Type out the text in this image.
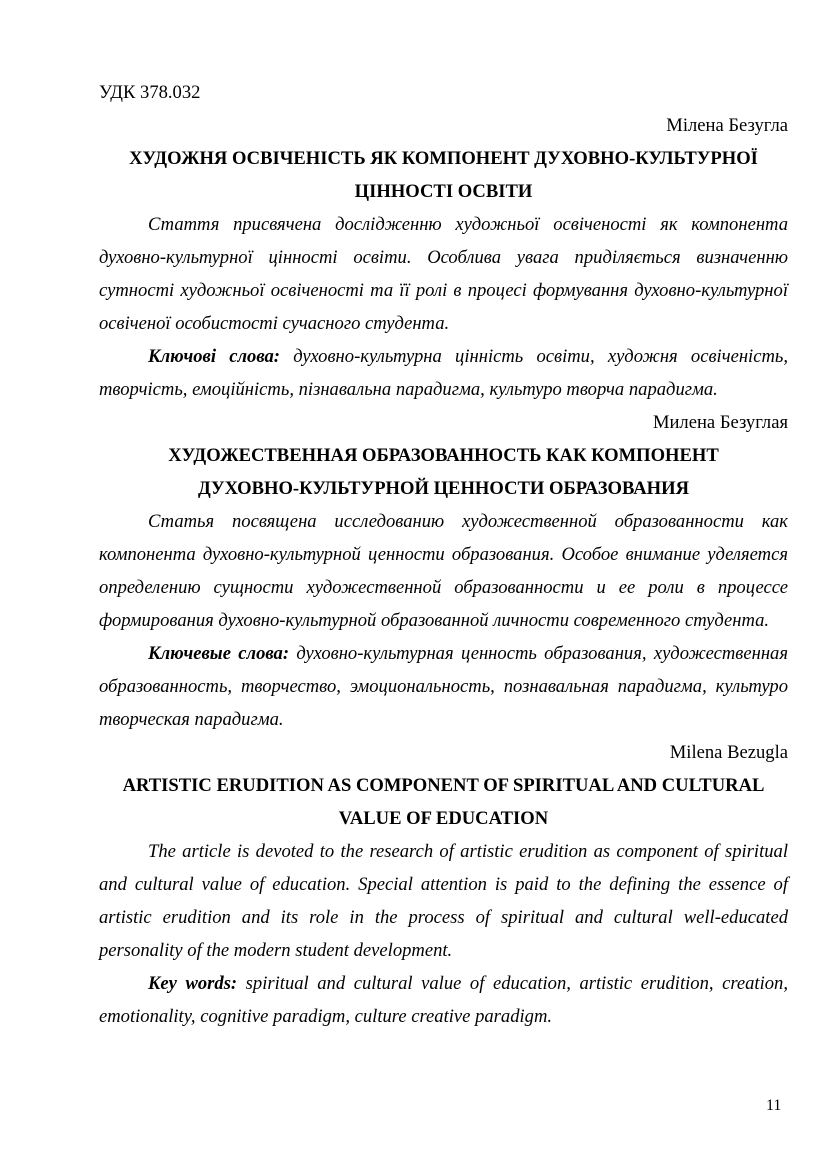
УДК 378.032
Мілена Безугла
ХУДОЖНЯ ОСВІЧЕНІСТЬ ЯК КОМПОНЕНТ ДУХОВНО-КУЛЬТУРНОЇ
ЦІННОСТІ ОСВІТИ

Стаття присвячена дослідженню художньої освіченості як компонента духовно-культурної цінності освіти. Особлива увага приділяється визначенню сутності художньої освіченості та її ролі в процесі формування духовно-культурної освіченої особистості сучасного студента.

Ключові слова: духовно-культурна цінність освіти, художня освіченість, творчість, емоційність, пізнавальна парадигма, культуро творча парадигма.

Милена Безуглая
ХУДОЖЕСТВЕННАЯ ОБРАЗОВАННОСТЬ КАК КОМПОНЕНТ
ДУХОВНО-КУЛЬТУРНОЙ ЦЕННОСТИ ОБРАЗОВАНИЯ

Статья посвящена исследованию художественной образованности как компонента духовно-культурной ценности образования. Особое внимание уделяется определению сущности художественной образованности и ее роли в процессе формирования духовно-культурной образованной личности современного студента.

Ключевые слова: духовно-культурная ценность образования, художественная образованность, творчество, эмоциональность, познавальная парадигма, культуро творческая парадигма.

Milena Bezugla
ARTISTIC ERUDITION AS COMPONENT OF SPIRITUAL AND CULTURAL
VALUE OF EDUCATION

The article is devoted to the research of artistic erudition as component of spiritual and cultural value of education. Special attention is paid to the defining the essence of artistic erudition and its role in the process of spiritual and cultural well-educated personality of the modern student development.

Key words: spiritual and cultural value of education, artistic erudition, creation, emotionality, cognitive paradigm, culture creative paradigm.

11
